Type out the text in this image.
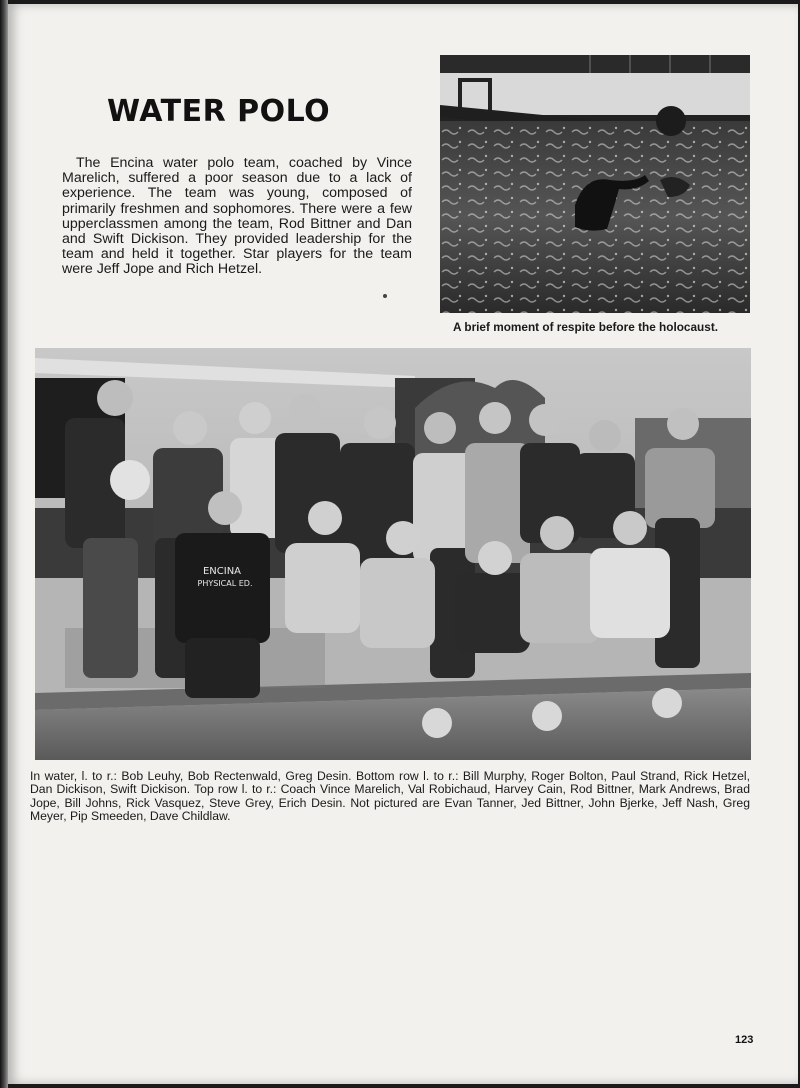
WATER POLO

The Encina water polo team, coached by Vince Marelich, suffered a poor season due to a lack of experience. The team was young, composed of primarily freshmen and sophomores. There were a few upperclassmen among the team, Rod Bittner and Dan and Swift Dickison. They provided leadership for the team and held it together. Star players for the team were Jeff Jope and Rich Hetzel.

A brief moment of respite before the holocaust.

ENCINA
PHYSICAL ED.

In water, l. to r.: Bob Leuhy, Bob Rectenwald, Greg Desin. Bottom row l. to r.: Bill Murphy, Roger Bolton, Paul Strand, Rick Hetzel, Dan Dickison, Swift Dickison. Top row l. to r.: Coach Vince Marelich, Val Robichaud, Harvey Cain, Rod Bittner, Mark Andrews, Brad Jope, Bill Johns, Rick Vasquez, Steve Grey, Erich Desin. Not pictured are Evan Tanner, Jed Bittner, John Bjerke, Jeff Nash, Greg Meyer, Pip Smeeden, Dave Childlaw.

123
